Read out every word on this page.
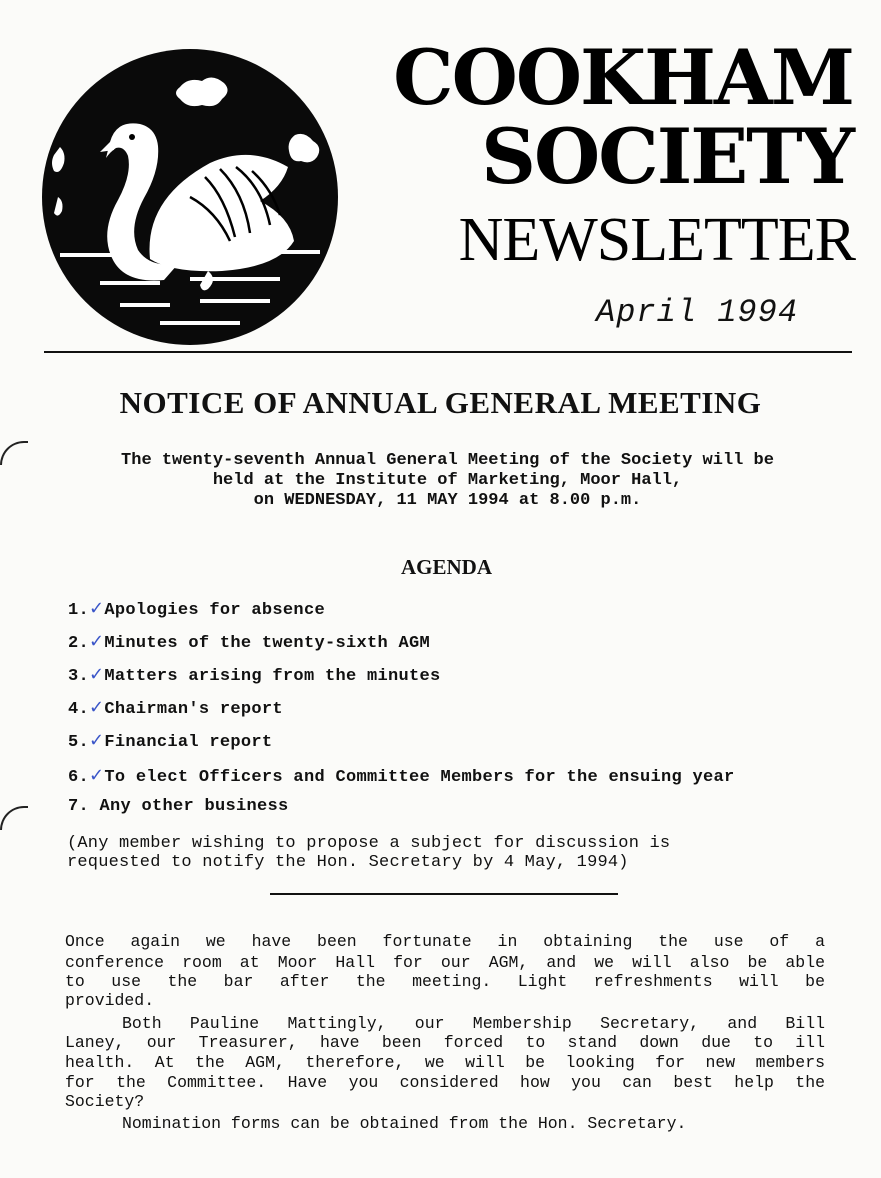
COOKHAM
SOCIETY
NEWSLETTER
April 1994
NOTICE OF ANNUAL GENERAL MEETING
The twenty-seventh Annual General Meeting of the Society will be
held at the Institute of Marketing, Moor Hall,
on WEDNESDAY, 11 MAY 1994 at 8.00 p.m.
AGENDA
1.✓Apologies for absence
2.✓Minutes of the twenty-sixth AGM
3.✓Matters arising from the minutes
4.✓Chairman's report
5.✓Financial report
6.✓To elect Officers and Committee Members for the ensuing year
7. Any other business
(Any member wishing to propose a subject for discussion is
requested to notify the Hon. Secretary by 4 May, 1994)
Once again we have been fortunate in obtaining the use of a
conference room at Moor Hall for our AGM, and we will also be able
to use the bar after the meeting. Light refreshments will be
provided.
Both Pauline Mattingly, our Membership Secretary, and Bill
Laney, our Treasurer, have been forced to stand down due to ill
health. At the AGM, therefore, we will be looking for new members
for the Committee. Have you considered how you can best help the
Society?
Nomination forms can be obtained from the Hon. Secretary.
